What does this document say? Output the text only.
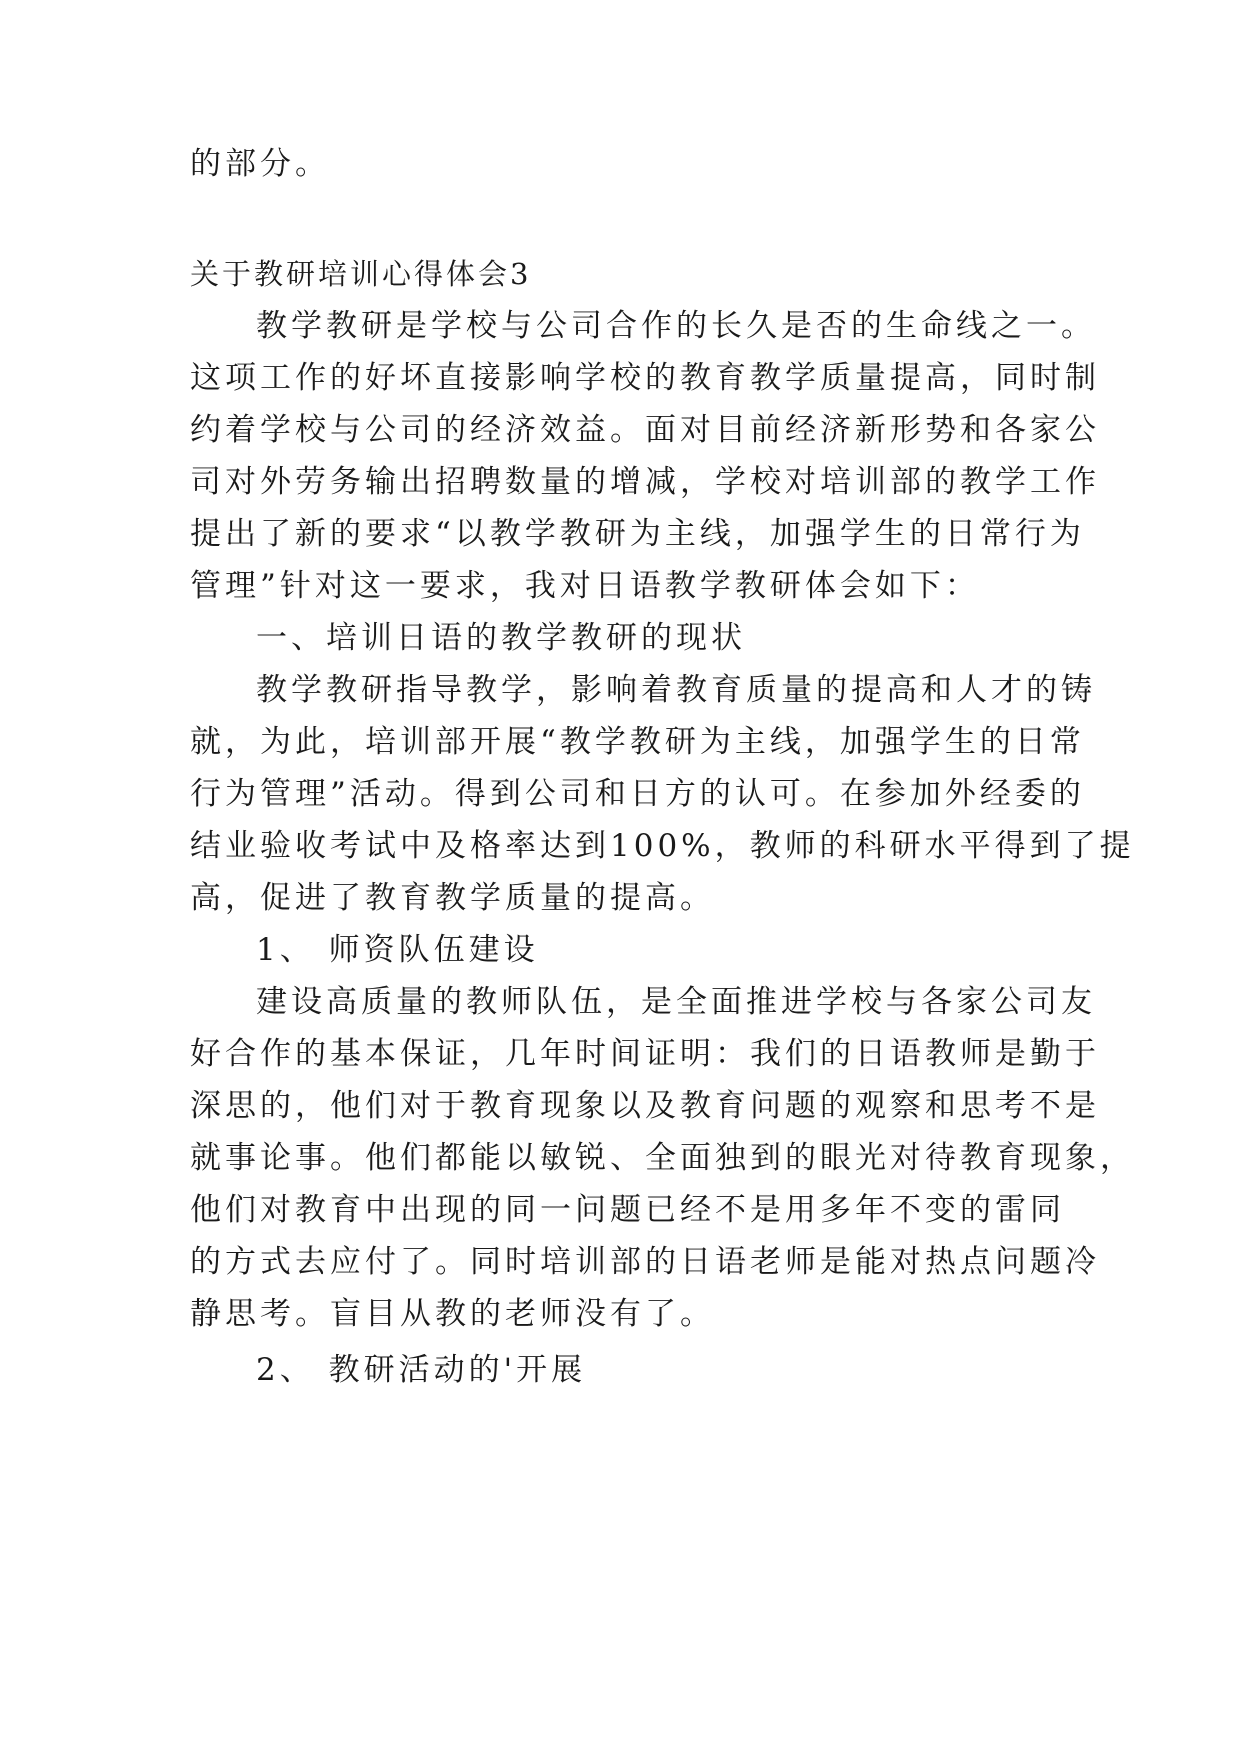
的部分。
关于教研培训心得体会3
教学教研是学校与公司合作的长久是否的生命线之一。
这项工作的好坏直接影响学校的教育教学质量提高，同时制
约着学校与公司的经济效益。面对目前经济新形势和各家公
司对外劳务输出招聘数量的增减，学校对培训部的教学工作
提出了新的要求“以教学教研为主线，加强学生的日常行为
管理”针对这一要求，我对日语教学教研体会如下：
一、培训日语的教学教研的现状
教学教研指导教学，影响着教育质量的提高和人才的铸
就，为此，培训部开展“教学教研为主线，加强学生的日常
行为管理”活动。得到公司和日方的认可。在参加外经委的
结业验收考试中及格率达到100%，教师的科研水平得到了提
高，促进了教育教学质量的提高。
1、 师资队伍建设
建设高质量的教师队伍，是全面推进学校与各家公司友
好合作的基本保证，几年时间证明：我们的日语教师是勤于
深思的，他们对于教育现象以及教育问题的观察和思考不是
就事论事。他们都能以敏锐、全面独到的眼光对待教育现象，
他们对教育中出现的同一问题已经不是用多年不变的雷同
的方式去应付了。同时培训部的日语老师是能对热点问题冷
静思考。盲目从教的老师没有了。
2、 教研活动的'开展
